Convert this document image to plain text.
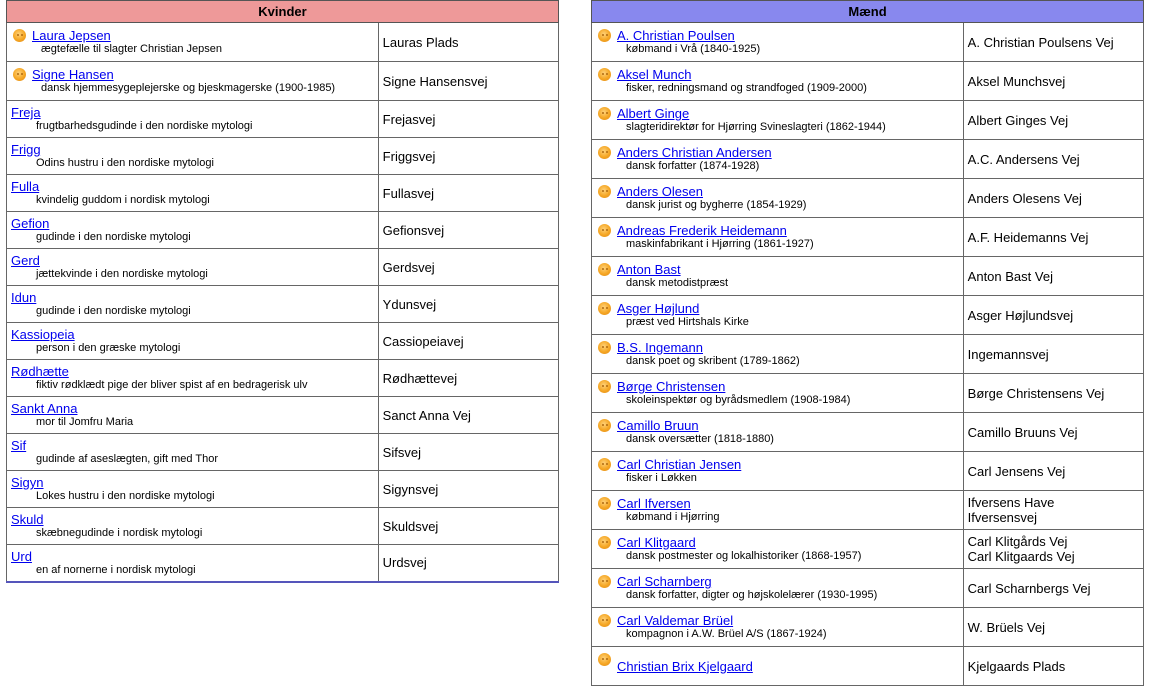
Kvinder	

Laura Jepsen
ægtefælle til slagter Christian Jepsen	Lauras Plads

Signe Hansen
dansk hjemmesygeplejerske og bjeskmagerske (1900-1985)	Signe Hansensvej

Freja
frugtbarhedsgudinde i den nordiske mytologi	Frejasvej

Frigg
Odins hustru i den nordiske mytologi	Friggsvej

Fulla
kvindelig guddom i nordisk mytologi	Fullasvej

Gefion
gudinde i den nordiske mytologi	Gefionsvej

Gerd
jættekvinde i den nordiske mytologi	Gerdsvej

Idun
gudinde i den nordiske mytologi	Ydunsvej

Kassiopeia
person i den græske mytologi	Cassiopeiavej

Rødhætte
fiktiv rødklædt pige der bliver spist af en bedragerisk ulv	Rødhættevej

Sankt Anna
mor til Jomfru Maria	Sanct Anna Vej

Sif
gudinde af aseslægten, gift med Thor	Sifsvej

Sigyn
Lokes hustru i den nordiske mytologi	Sigynsvej

Skuld
skæbnegudinde i nordisk mytologi	Skuldsvej

Urd
en af nornerne i nordisk mytologi	Urdsvej
Mænd	

A. Christian Poulsen
købmand i Vrå (1840-1925)	A. Christian Poulsens Vej

Aksel Munch
fisker, redningsmand og strandfoged (1909-2000)	Aksel Munchsvej

Albert Ginge
slagteridirektør for Hjørring Svineslagteri (1862-1944)	Albert Ginges Vej

Anders Christian Andersen
dansk forfatter (1874-1928)	A.C. Andersens Vej

Anders Olesen
dansk jurist og bygherre (1854-1929)	Anders Olesens Vej

Andreas Frederik Heidemann
maskinfabrikant i Hjørring (1861-1927)	A.F. Heidemanns Vej

Anton Bast
dansk metodistpræst	Anton Bast Vej

Asger Højlund
præst ved Hirtshals Kirke	Asger Højlundsvej

B.S. Ingemann
dansk poet og skribent (1789-1862)	Ingemannsvej

Børge Christensen
skoleinspektør og byrådsmedlem (1908-1984)	Børge Christensens Vej

Camillo Bruun
dansk oversætter (1818-1880)	Camillo Bruuns Vej

Carl Christian Jensen
fisker i Løkken	Carl Jensens Vej

Carl Ifversen
købmand i Hjørring	Ifversens Have
Ifversensvej

Carl Klitgaard
dansk postmester og lokalhistoriker (1868-1957)	Carl Klitgårds Vej
Carl Klitgaards Vej

Carl Scharnberg
dansk forfatter, digter og højskolelærer (1930-1995)	Carl Scharnbergs Vej

Carl Valdemar Brüel
kompagnon i A.W. Brüel A/S (1867-1924)	W. Brüels Vej

Christian Brix Kjelgaard	Kjelgaards Plads
